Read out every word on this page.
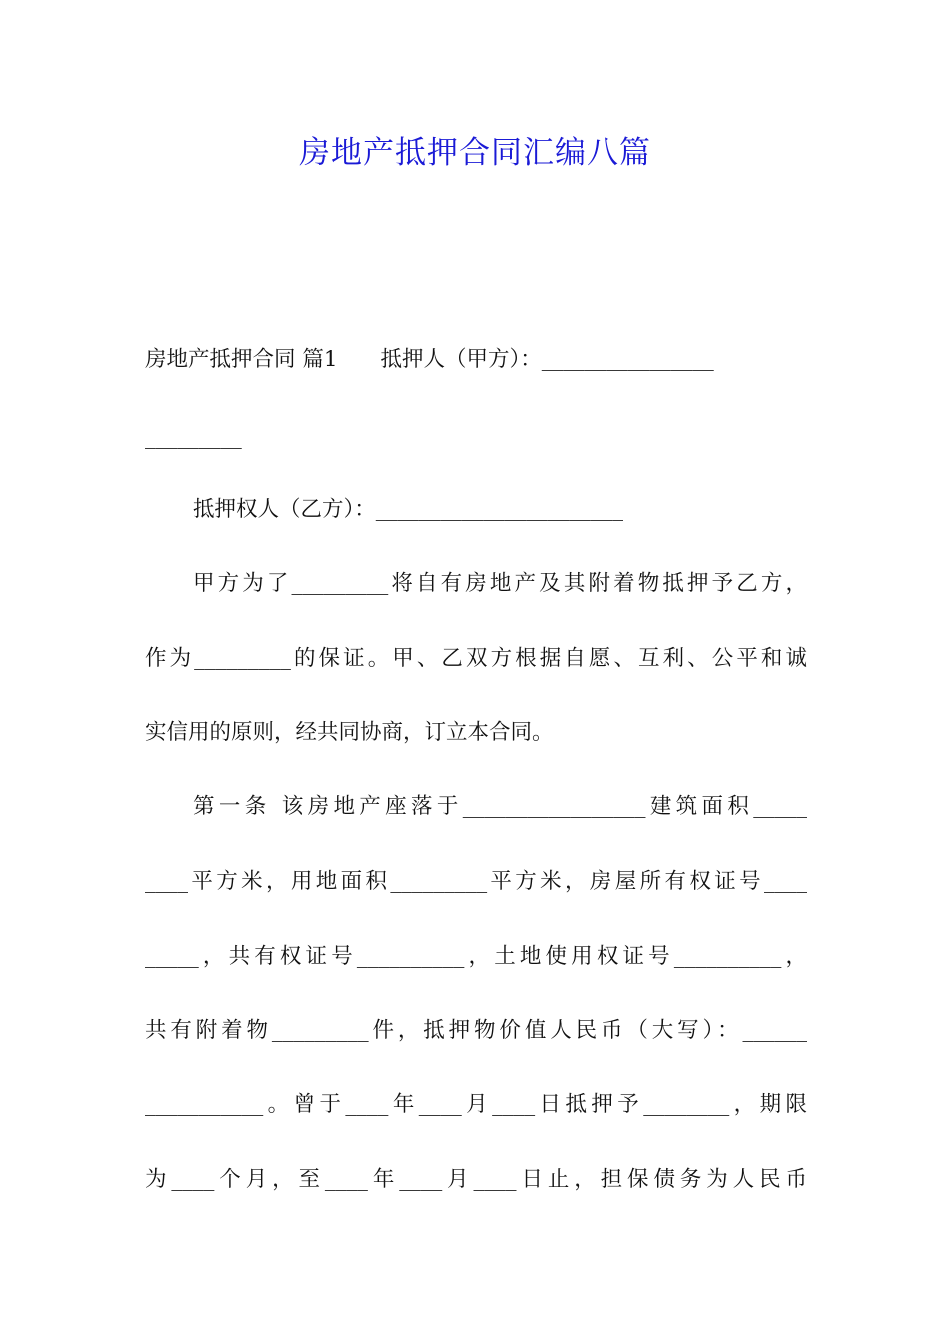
房地产抵押合同汇编八篇
房地产抵押合同 篇1　　抵押人（甲方）：________________
_________
抵押权人（乙方）：_______________________
甲方为了_________将自有房地产及其附着物抵押予乙方，
作为_________的保证。甲、乙双方根据自愿、互利、公平和诚
实信用的原则，经共同协商，订立本合同。
第一条 该房地产座落于_________________建筑面积_____
____平方米，用地面积_________平方米，房屋所有权证号____
_____，共有权证号__________，土地使用权证号__________，
共有附着物_________件，抵押物价值人民币（大写）：______
___________。曾于____年____月____日抵押予________，期限
为____个月，至____年____月____日止，担保债务为人民币
